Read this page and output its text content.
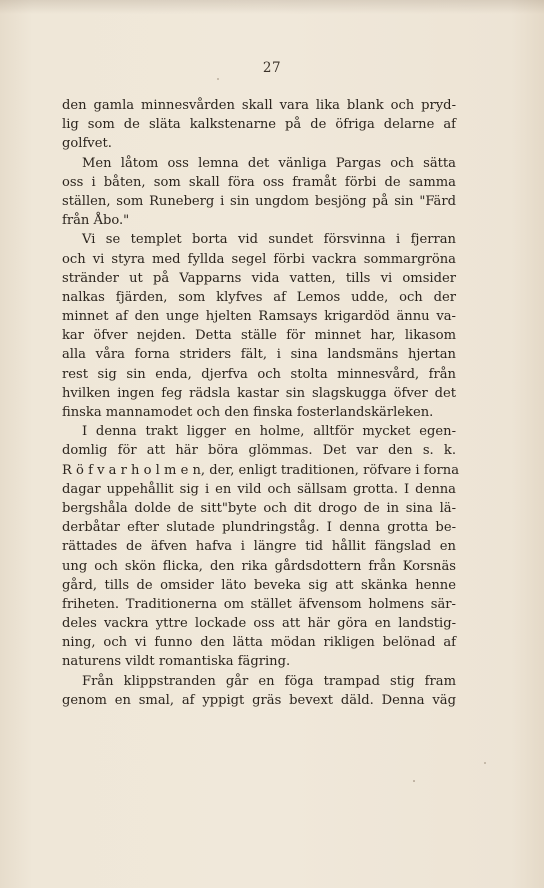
27
den gamla minnesvården skall vara lika blank och pryd-
lig som de släta kalkstenarne på de öfriga delarne af
golfvet.
Men låtom oss lemna det vänliga Pargas och sätta
oss i båten, som skall föra oss framåt förbi de samma
ställen, som Runeberg i sin ungdom besjöng på sin "Färd
från Åbo."
Vi se templet borta vid sundet försvinna i fjerran
och vi styra med fyllda segel förbi vackra sommargröna
stränder ut på Vapparns vida vatten, tills vi omsider
nalkas fjärden, som klyfves af Lemos udde, och der
minnet af den unge hjelten Ramsays krigardöd ännu va-
kar öfver nejden. Detta ställe för minnet har, likasom
alla våra forna striders fält, i sina landsmäns hjertan
rest sig sin enda, djerfva och stolta minnesvård, från
hvilken ingen feg rädsla kastar sin slagskugga öfver det
finska mannamodet och den finska fosterlandskärleken.
I denna trakt ligger en holme, alltför mycket egen-
domlig för att här böra glömmas. Det var den s. k.
R ö f v a r h o l m e n, der, enligt traditionen, röfvare i forna
dagar uppehållit sig i en vild och sällsam grotta. I denna
bergshåla dolde de sitt"byte och dit drogo de in sina lä-
derbåtar efter slutade plundringståg. I denna grotta be-
rättades de äfven hafva i längre tid hållit fängslad en
ung och skön flicka, den rika gårdsdottern från Korsnäs
gård, tills de omsider läto beveka sig att skänka henne
friheten. Traditionerna om stället äfvensom holmens sär-
deles vackra yttre lockade oss att här göra en landstig-
ning, och vi funno den lätta mödan rikligen belönad af
naturens vildt romantiska fägring.
Från klippstranden går en föga trampad stig fram
genom en smal, af yppigt gräs bevext däld. Denna väg
